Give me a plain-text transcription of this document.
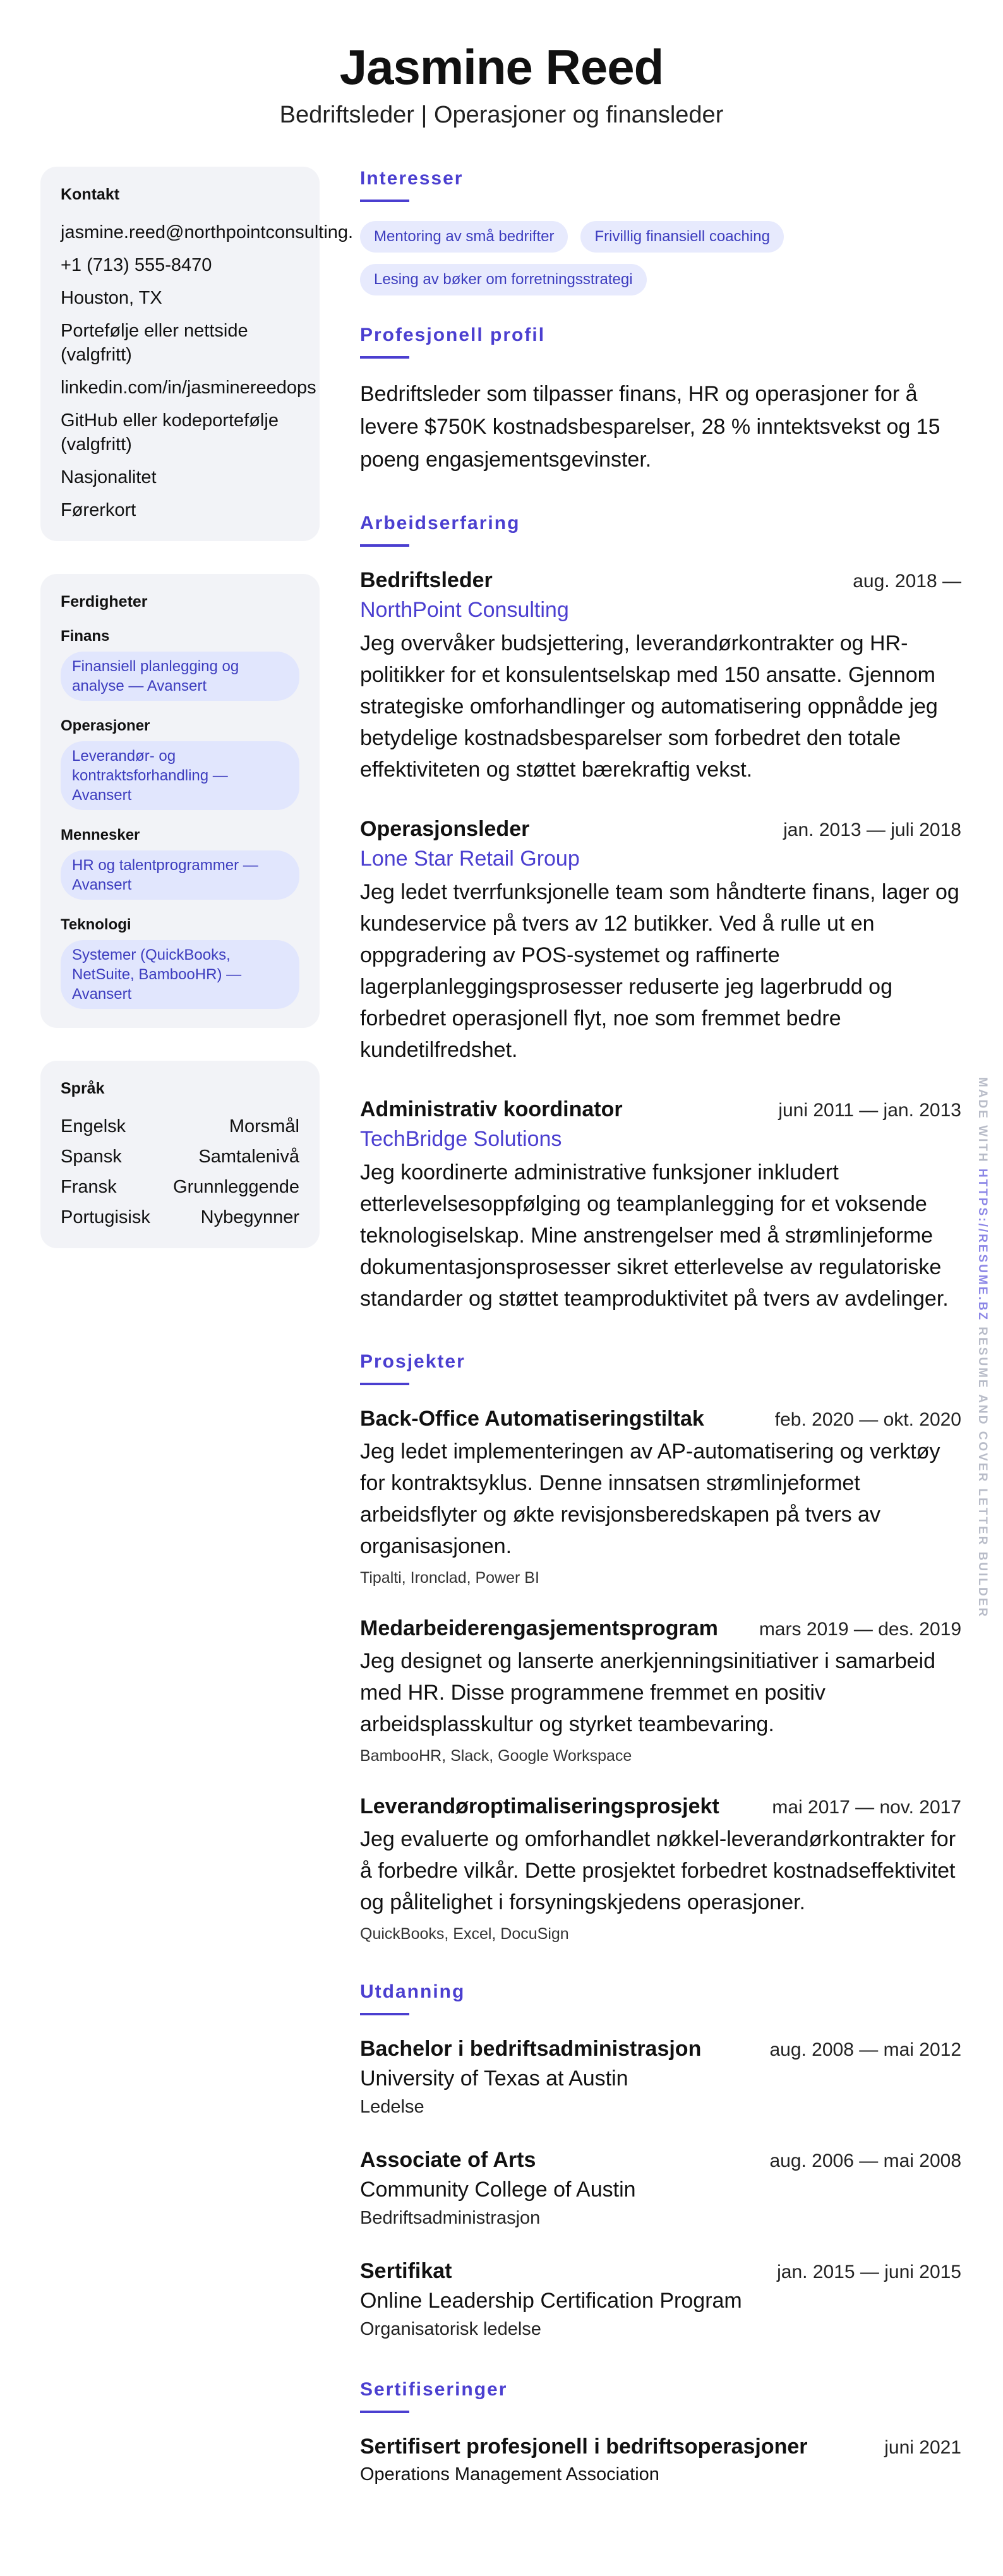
Jasmine Reed
Bedriftsleder | Operasjoner og finansleder
Kontakt
jasmine.reed@northpointconsulting.
+1 (713) 555-8470
Houston, TX
Portefølje eller nettside (valgfritt)
linkedin.com/in/jasminereedops
GitHub eller kodeportefølje (valgfritt)
Nasjonalitet
Førerkort
Ferdigheter
Finans
Finansiell planlegging og analyse — Avansert
Operasjoner
Leverandør- og kontraktsforhandling — Avansert
Mennesker
HR og talentprogrammer — Avansert
Teknologi
Systemer (QuickBooks, NetSuite, BambooHR) — Avansert
Språk
Engelsk	Morsmål
Spansk	Samtalenivå
Fransk	Grunnleggende
Portugisisk	Nybegynner
Interesser
Mentoring av små bedrifter	Frivillig finansiell coaching
Lesing av bøker om forretningsstrategi
Profesjonell profil
Bedriftsleder som tilpasser finans, HR og operasjoner for å levere $750K kostnadsbesparelser, 28 % inntektsvekst og 15 poeng engasjementsgevinster.
Arbeidserfaring
Bedriftsleder	aug. 2018 —
NorthPoint Consulting
Jeg overvåker budsjettering, leverandørkontrakter og HR-politikker for et konsulentselskap med 150 ansatte. Gjennom strategiske omforhandlinger og automatisering oppnådde jeg betydelige kostnadsbesparelser som forbedret den totale effektiviteten og støttet bærekraftig vekst.
Operasjonsleder	jan. 2013 — juli 2018
Lone Star Retail Group
Jeg ledet tverrfunksjonelle team som håndterte finans, lager og kundeservice på tvers av 12 butikker. Ved å rulle ut en oppgradering av POS-systemet og raffinerte lagerplanleggingsprosesser reduserte jeg lagerbrudd og forbedret operasjonell flyt, noe som fremmet bedre kundetilfredshet.
Administrativ koordinator	juni 2011 — jan. 2013
TechBridge Solutions
Jeg koordinerte administrative funksjoner inkludert etterlevelsesoppfølging og teamplanlegging for et voksende teknologiselskap. Mine anstrengelser med å strømlinjeforme dokumentasjonsprosesser sikret etterlevelse av regulatoriske standarder og støttet teamproduktivitet på tvers av avdelinger.
Prosjekter
Back-Office Automatiseringstiltak	feb. 2020 — okt. 2020
Jeg ledet implementeringen av AP-automatisering og verktøy for kontraktsyklus. Denne innsatsen strømlinjeformet arbeidsflyter og økte revisjonsberedskapen på tvers av organisasjonen.
Tipalti, Ironclad, Power BI
Medarbeiderengasjementsprogram mars 2019 — des. 2019
Jeg designet og lanserte anerkjenningsinitiativer i samarbeid med HR. Disse programmene fremmet en positiv arbeidsplasskultur og styrket teambevaring.
BambooHR, Slack, Google Workspace
Leverandøroptimaliseringsprosjekt	mai 2017 — nov. 2017
Jeg evaluerte og omforhandlet nøkkel-leverandørkontrakter for å forbedre vilkår. Dette prosjektet forbedret kostnadseffektivitet og pålitelighet i forsyningskjedens operasjoner.
QuickBooks, Excel, DocuSign
Utdanning
Bachelor i bedriftsadministrasjon	aug. 2008 — mai 2012
University of Texas at Austin
Ledelse
Associate of Arts	aug. 2006 — mai 2008
Community College of Austin
Bedriftsadministrasjon
Sertifikat	jan. 2015 — juni 2015
Online Leadership Certification Program
Organisatorisk ledelse
Sertifiseringer
Sertifisert profesjonell i bedriftsoperasjoner	juni 2021
Operations Management Association
MADE WITH HTTPS://RESUME.BZ RESUME AND COVER LETTER BUILDER
